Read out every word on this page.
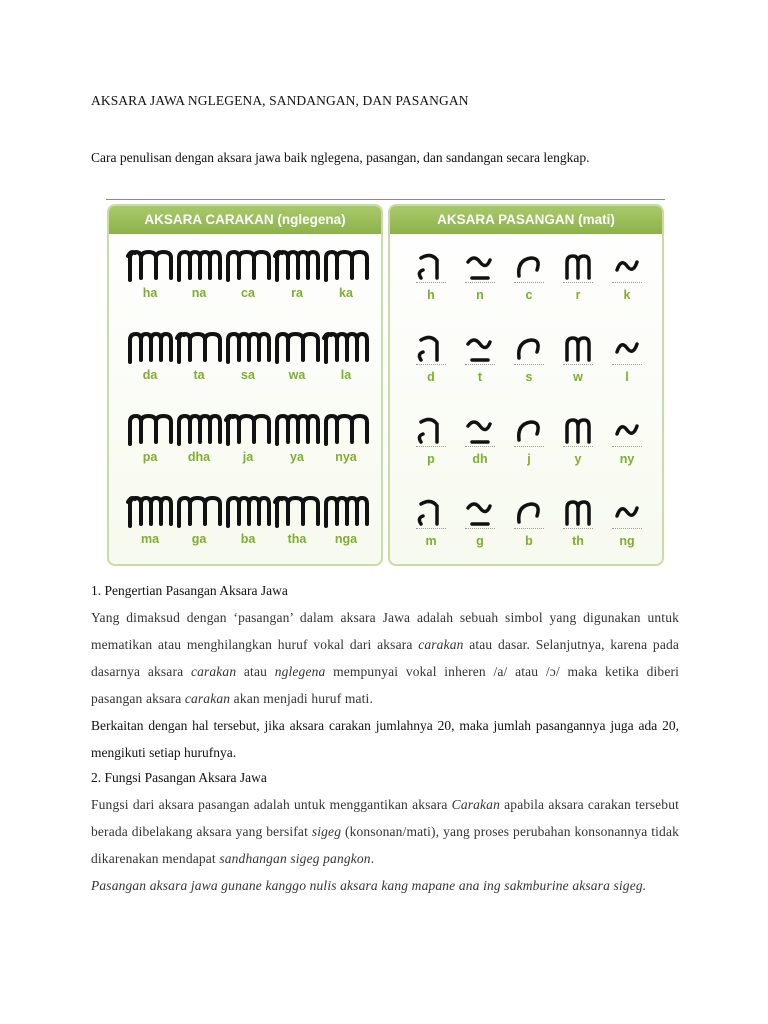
AKSARA JAWA NGLEGENA, SANDANGAN, DAN PASANGAN
Cara penulisan dengan aksara jawa baik nglegena, pasangan, dan sandangan secara lengkap.
AKSARA CARAKAN (nglegena)
ha	na	ca	ra	ka
da	ta	sa	wa	la
pa	dha	ja	ya	nya
ma	ga	ba	tha	nga
AKSARA PASANGAN (mati)
h	n	c	r	k
d	t	s	w	l
p	dh	j	y	ny
m	g	b	th	ng
1. Pengertian Pasangan Aksara Jawa
Yang dimaksud dengan ‘pasangan’ dalam aksara Jawa adalah sebuah simbol yang digunakan untuk mematikan atau menghilangkan huruf vokal dari aksara carakan atau dasar. Selanjutnya, karena pada dasarnya aksara carakan atau nglegena mempunyai vokal inheren /a/ atau /ɔ/ maka ketika diberi pasangan aksara carakan akan menjadi huruf mati.
Berkaitan dengan hal tersebut, jika aksara carakan jumlahnya 20, maka jumlah pasangannya juga ada 20, mengikuti setiap hurufnya.
2. Fungsi Pasangan Aksara Jawa
Fungsi dari aksara pasangan adalah untuk menggantikan aksara Carakan apabila aksara carakan tersebut berada dibelakang aksara yang bersifat sigeg (konsonan/mati), yang proses perubahan konsonannya tidak dikarenakan mendapat sandhangan sigeg pangkon.
Pasangan aksara jawa gunane kanggo nulis aksara kang mapane ana ing sakmburine aksara sigeg.
